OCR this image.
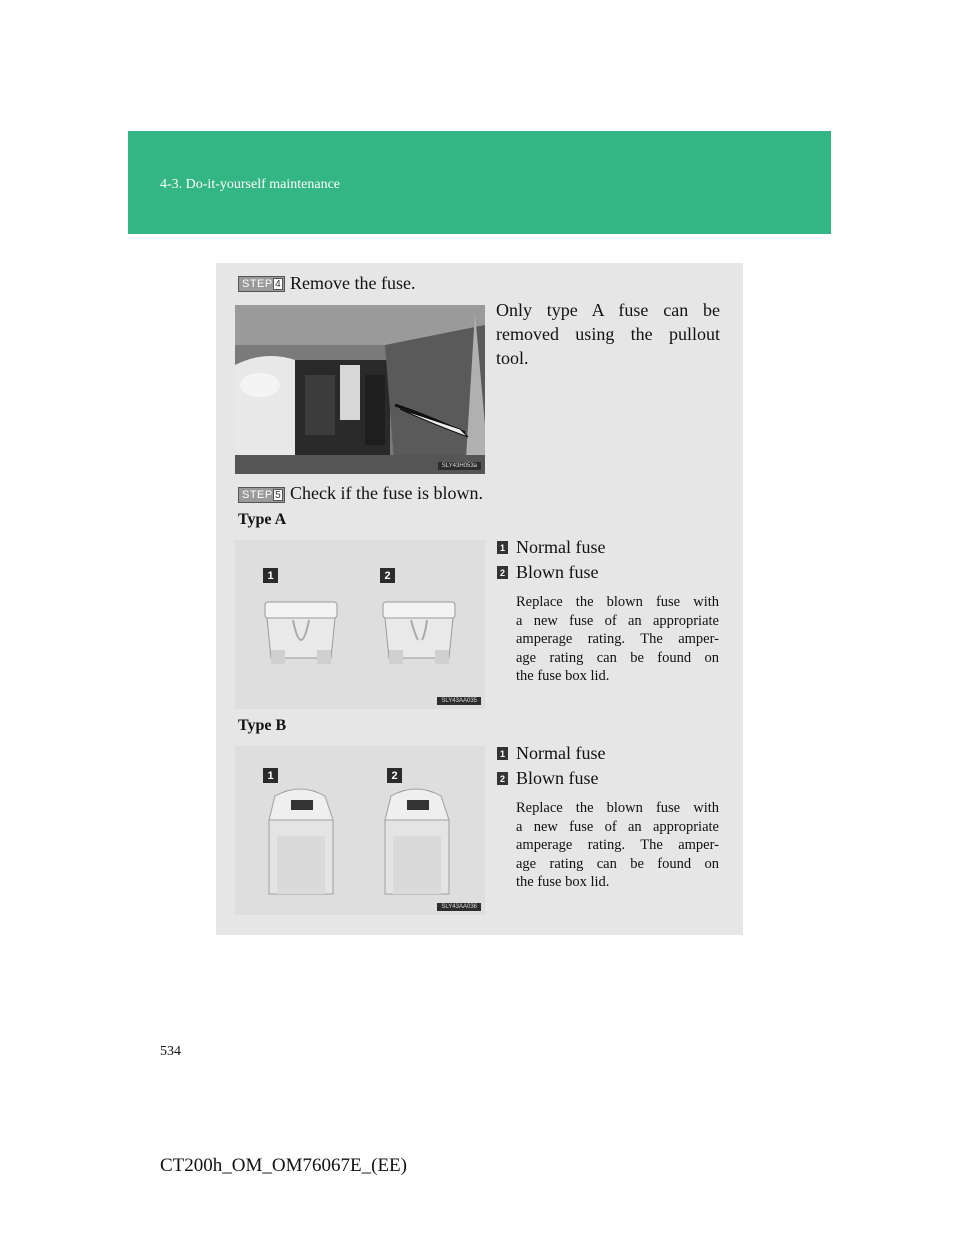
4-3. Do-it-yourself maintenance
STEP 4 Remove the fuse.
Only type A fuse can be
removed using the pullout
tool.
SLY43H053a
STEP 5 Check if the fuse is blown.
Type A
1	2
SLY43AA035
1 Normal fuse
2 Blown fuse
Replace the blown fuse with
a new fuse of an appropriate
amperage rating. The amper-
age rating can be found on
the fuse box lid.
Type B
1	2
SLY43AA036
1 Normal fuse
2 Blown fuse
Replace the blown fuse with
a new fuse of an appropriate
amperage rating. The amper-
age rating can be found on
the fuse box lid.
534
CT200h_OM_OM76067E_(EE)
